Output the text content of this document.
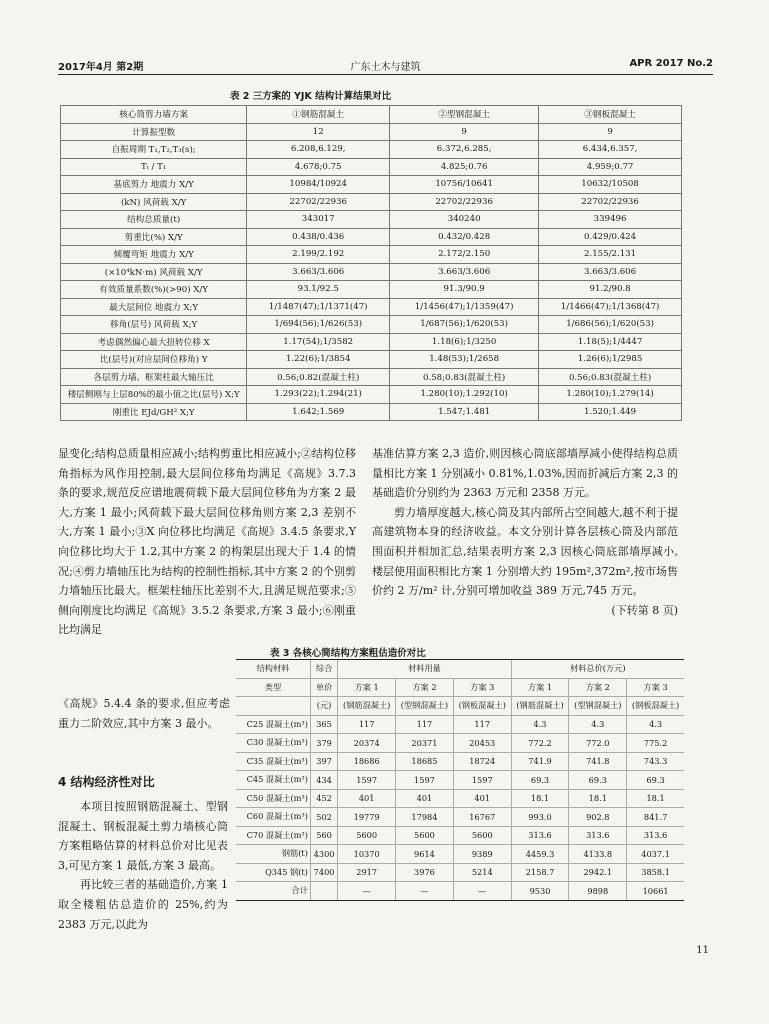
2017年4月 第2期	广东土木与建筑	APR 2017 No.2
表 2 三方案的 YJK 结构计算结果对比
核心筒剪力墙方案	①钢筋混凝土	②型钢混凝土	③钢板混凝土
计算振型数	12	9	9
自振周期 T₁,T₂,T₃(s);	6.208,6.129,	6.372,6.285,	6.434,6.357,
Tₜ / T₁	4.678;0.75	4.825;0.76	4.959;0.77
基底剪力 地震力 X/Y	10984/10924	10756/10641	10632/10508
(kN) 风荷载 X/Y	22702/22936	22702/22936	22702/22936
结构总质量(t)	343017	340240	339496
剪重比(%) X/Y	0.438/0.436	0.432/0.428	0.429/0.424
倾覆弯矩 地震力 X/Y	2.199/2.192	2.172/2.150	2.155/2.131
(×10⁴kN·m) 风荷载 X/Y	3.663/3.606	3.663/3.606	3.663/3.606
有效质量系数(%)(>90) X/Y	93.1/92.5	91.3/90.9	91.2/90.8
最大层间位 地震力 X;Y	1/1487(47);1/1371(47)	1/1456(47);1/1359(47)	1/1466(47);1/1368(47)
移角(层号) 风荷载 X;Y	1/694(56);1/626(53)	1/687(56);1/620(53)	1/686(56);1/620(53)
考虑偶然偏心最大扭转位移 X	1.17(54);1/3582	1.18(6);1/3250	1.18(5);1/4447
比(层号)(对应层间位移角) Y	1.22(6);1/3854	1.48(53);1/2658	1.26(6);1/2985
各层剪力墙、框架柱最大轴压比	0.56;0.82(混凝土柱)	0.58;0.83(混凝土柱)	0.56;0.83(混凝土柱)
楼层侧刚与上层80%的最小值之比(层号) X;Y	1.293(22);1.294(21)	1.280(10);1.292(10)	1.280(10);1.279(14)
刚重比 EJd/GH² X;Y	1.642;1.569	1.547;1.481	1.520;1.449

显变化;结构总质量相应减小;结构剪重比相应减小;②结构位移角指标为风作用控制,最大层间位移角均满足《高规》3.7.3 条的要求,规范反应谱地震荷载下最大层间位移角为方案 2 最大,方案 1 最小;风荷载下最大层间位移角则方案 2,3 差别不大,方案 1 最小;③X 向位移比均满足《高规》3.4.5 条要求,Y 向位移比均大于 1.2,其中方案 2 的构架层出现大于 1.4 的情况;④剪力墙轴压比为结构的控制性指标,其中方案 2 的个别剪力墙轴压比最大。框架柱轴压比差别不大,且满足规范要求;⑤侧向刚度比均满足《高规》3.5.2 条要求,方案 3 最小;⑥刚重比均满足

《高规》5.4.4 条的要求,但应考虑重力二阶效应,其中方案 3 最小。

4 结构经济性对比

本项目按照钢筋混凝土、型钢混凝土、钢板混凝土剪力墙核心筒方案粗略估算的材料总价对比见表 3,可见方案 1 最低,方案 3 最高。

再比较三者的基础造价,方案 1 取全楼粗估总造价的 25%,约为 2383 万元,以此为

基准估算方案 2,3 造价,则因核心筒底部墙厚减小使得结构总质量相比方案 1 分别减小 0.81%,1.03%,因而折减后方案 2,3 的基础造价分别约为 2363 万元和 2358 万元。

剪力墙厚度越大,核心筒及其内部所占空间越大,越不利于提高建筑物本身的经济收益。本文分别计算各层核心筒及内部范围面积并相加汇总,结果表明方案 2,3 因核心筒底部墙厚减小,楼层使用面积相比方案 1 分别增大约 195m²,372m²,按市场售价约 2 万/m² 计,分别可增加收益 389 万元,745 万元。

(下转第 8 页)

表 3 各核心筒结构方案粗估造价对比
结构材料	综合	材料用量			材料总价(万元)		
类型	单价	方案 1	方案 2	方案 3	方案 1	方案 2	方案 3
	(元)	(钢筋混凝土)	(型钢混凝土)	(钢板混凝土)	(钢筋混凝土)	(型钢混凝土)	(钢板混凝土)
C25 混凝土(m³)	365	117	117	117	4.3	4.3	4.3
C30 混凝土(m³)	379	20374	20371	20453	772.2	772.0	775.2
C35 混凝土(m³)	397	18686	18685	18724	741.9	741.8	743.3
C45 混凝土(m³)	434	1597	1597	1597	69.3	69.3	69.3
C50 混凝土(m³)	452	401	401	401	18.1	18.1	18.1
C60 混凝土(m³)	502	19779	17984	16767	993.0	902.8	841.7
C70 混凝土(m³)	560	5600	5600	5600	313.6	313.6	313.6
钢筋(t)	4300	10370	9614	9389	4459.3	4133.8	4037.1
Q345 钢(t)	7400	2917	3976	5214	2158.7	2942.1	3858.1
合计		—	—	—	9530	9898	10661
11
